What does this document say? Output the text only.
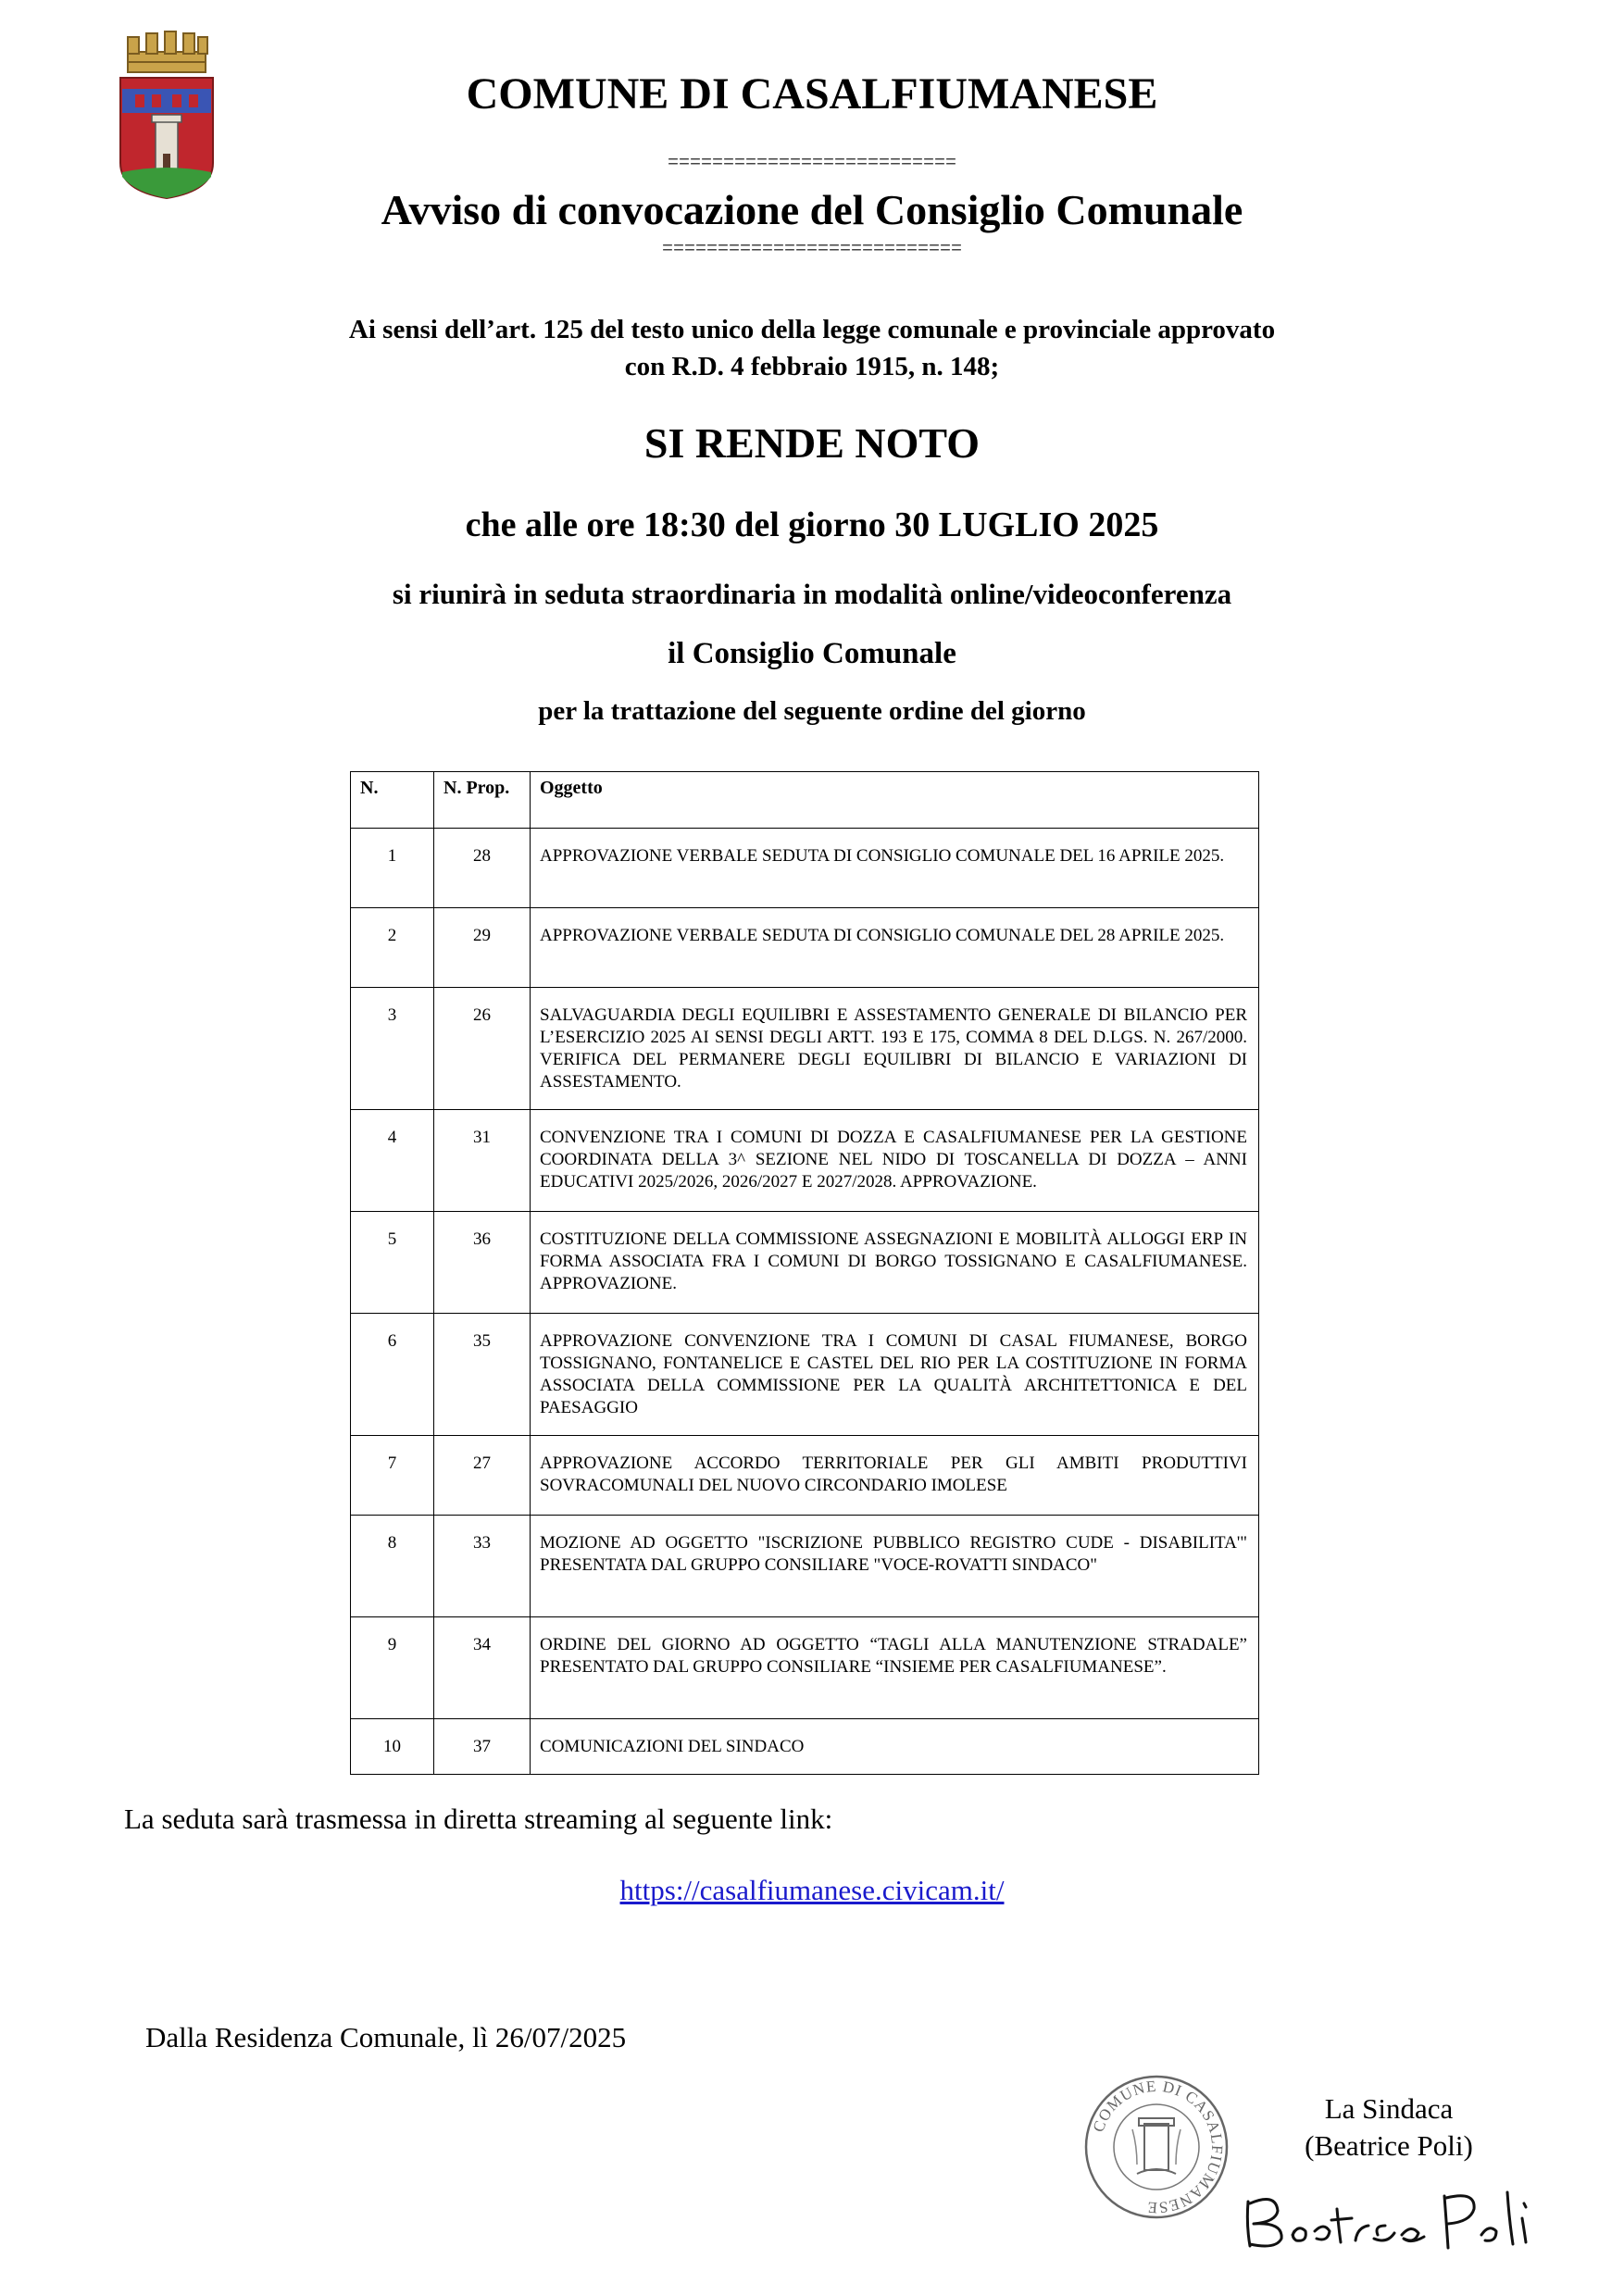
COMUNE DI CASALFIUMANESE
==========================
Avviso di convocazione del Consiglio Comunale
===========================
Ai sensi dell’art. 125 del testo unico della legge comunale e provinciale approvato
con R.D. 4 febbraio 1915, n. 148;
SI RENDE NOTO
che alle ore 18:30 del giorno 30 LUGLIO 2025
si riunirà in seduta straordinaria in modalità online/videoconferenza
il Consiglio Comunale
per la trattazione del seguente ordine del giorno
N.	N. Prop.	Oggetto
1	28	APPROVAZIONE VERBALE SEDUTA DI CONSIGLIO COMUNALE DEL 16 APRILE 2025.
2	29	APPROVAZIONE VERBALE SEDUTA DI CONSIGLIO COMUNALE DEL 28 APRILE 2025.
3	26	SALVAGUARDIA DEGLI EQUILIBRI E ASSESTAMENTO GENERALE DI BILANCIO PER L’ESERCIZIO 2025 AI SENSI DEGLI ARTT. 193 E 175, COMMA 8 DEL D.LGS. N. 267/2000. VERIFICA DEL PERMANERE DEGLI EQUILIBRI DI BILANCIO E VARIAZIONI DI ASSESTAMENTO.
4	31	CONVENZIONE TRA I COMUNI DI DOZZA E CASALFIUMANESE PER LA GESTIONE COORDINATA DELLA 3^ SEZIONE NEL NIDO DI TOSCANELLA DI DOZZA – ANNI EDUCATIVI 2025/2026, 2026/2027 E 2027/2028. APPROVAZIONE.
5	36	COSTITUZIONE DELLA COMMISSIONE ASSEGNAZIONI E MOBILITÀ ALLOGGI ERP IN FORMA ASSOCIATA FRA I COMUNI DI BORGO TOSSIGNANO E CASALFIUMANESE. APPROVAZIONE.
6	35	APPROVAZIONE CONVENZIONE TRA I COMUNI DI CASAL FIUMANESE, BORGO TOSSIGNANO, FONTANELICE E CASTEL DEL RIO PER LA COSTITUZIONE IN FORMA ASSOCIATA DELLA COMMISSIONE PER LA QUALITÀ ARCHITETTONICA E DEL PAESAGGIO
7	27	APPROVAZIONE ACCORDO TERRITORIALE PER GLI AMBITI PRODUTTIVI SOVRACOMUNALI DEL NUOVO CIRCONDARIO IMOLESE
8	33	MOZIONE AD OGGETTO "ISCRIZIONE PUBBLICO REGISTRO CUDE - DISABILITA'" PRESENTATA DAL GRUPPO CONSILIARE "VOCE-ROVATTI SINDACO"
9	34	ORDINE DEL GIORNO AD OGGETTO “TAGLI ALLA MANUTENZIONE STRADALE” PRESENTATO DAL GRUPPO CONSILIARE “INSIEME PER CASALFIUMANESE”.
10	37	COMUNICAZIONI DEL SINDACO
La seduta sarà trasmessa in diretta streaming al seguente link:
https://casalfiumanese.civicam.it/
Dalla Residenza Comunale, lì 26/07/2025
COMUNE DI CASALFIUMANESE
La Sindaca
(Beatrice Poli)
